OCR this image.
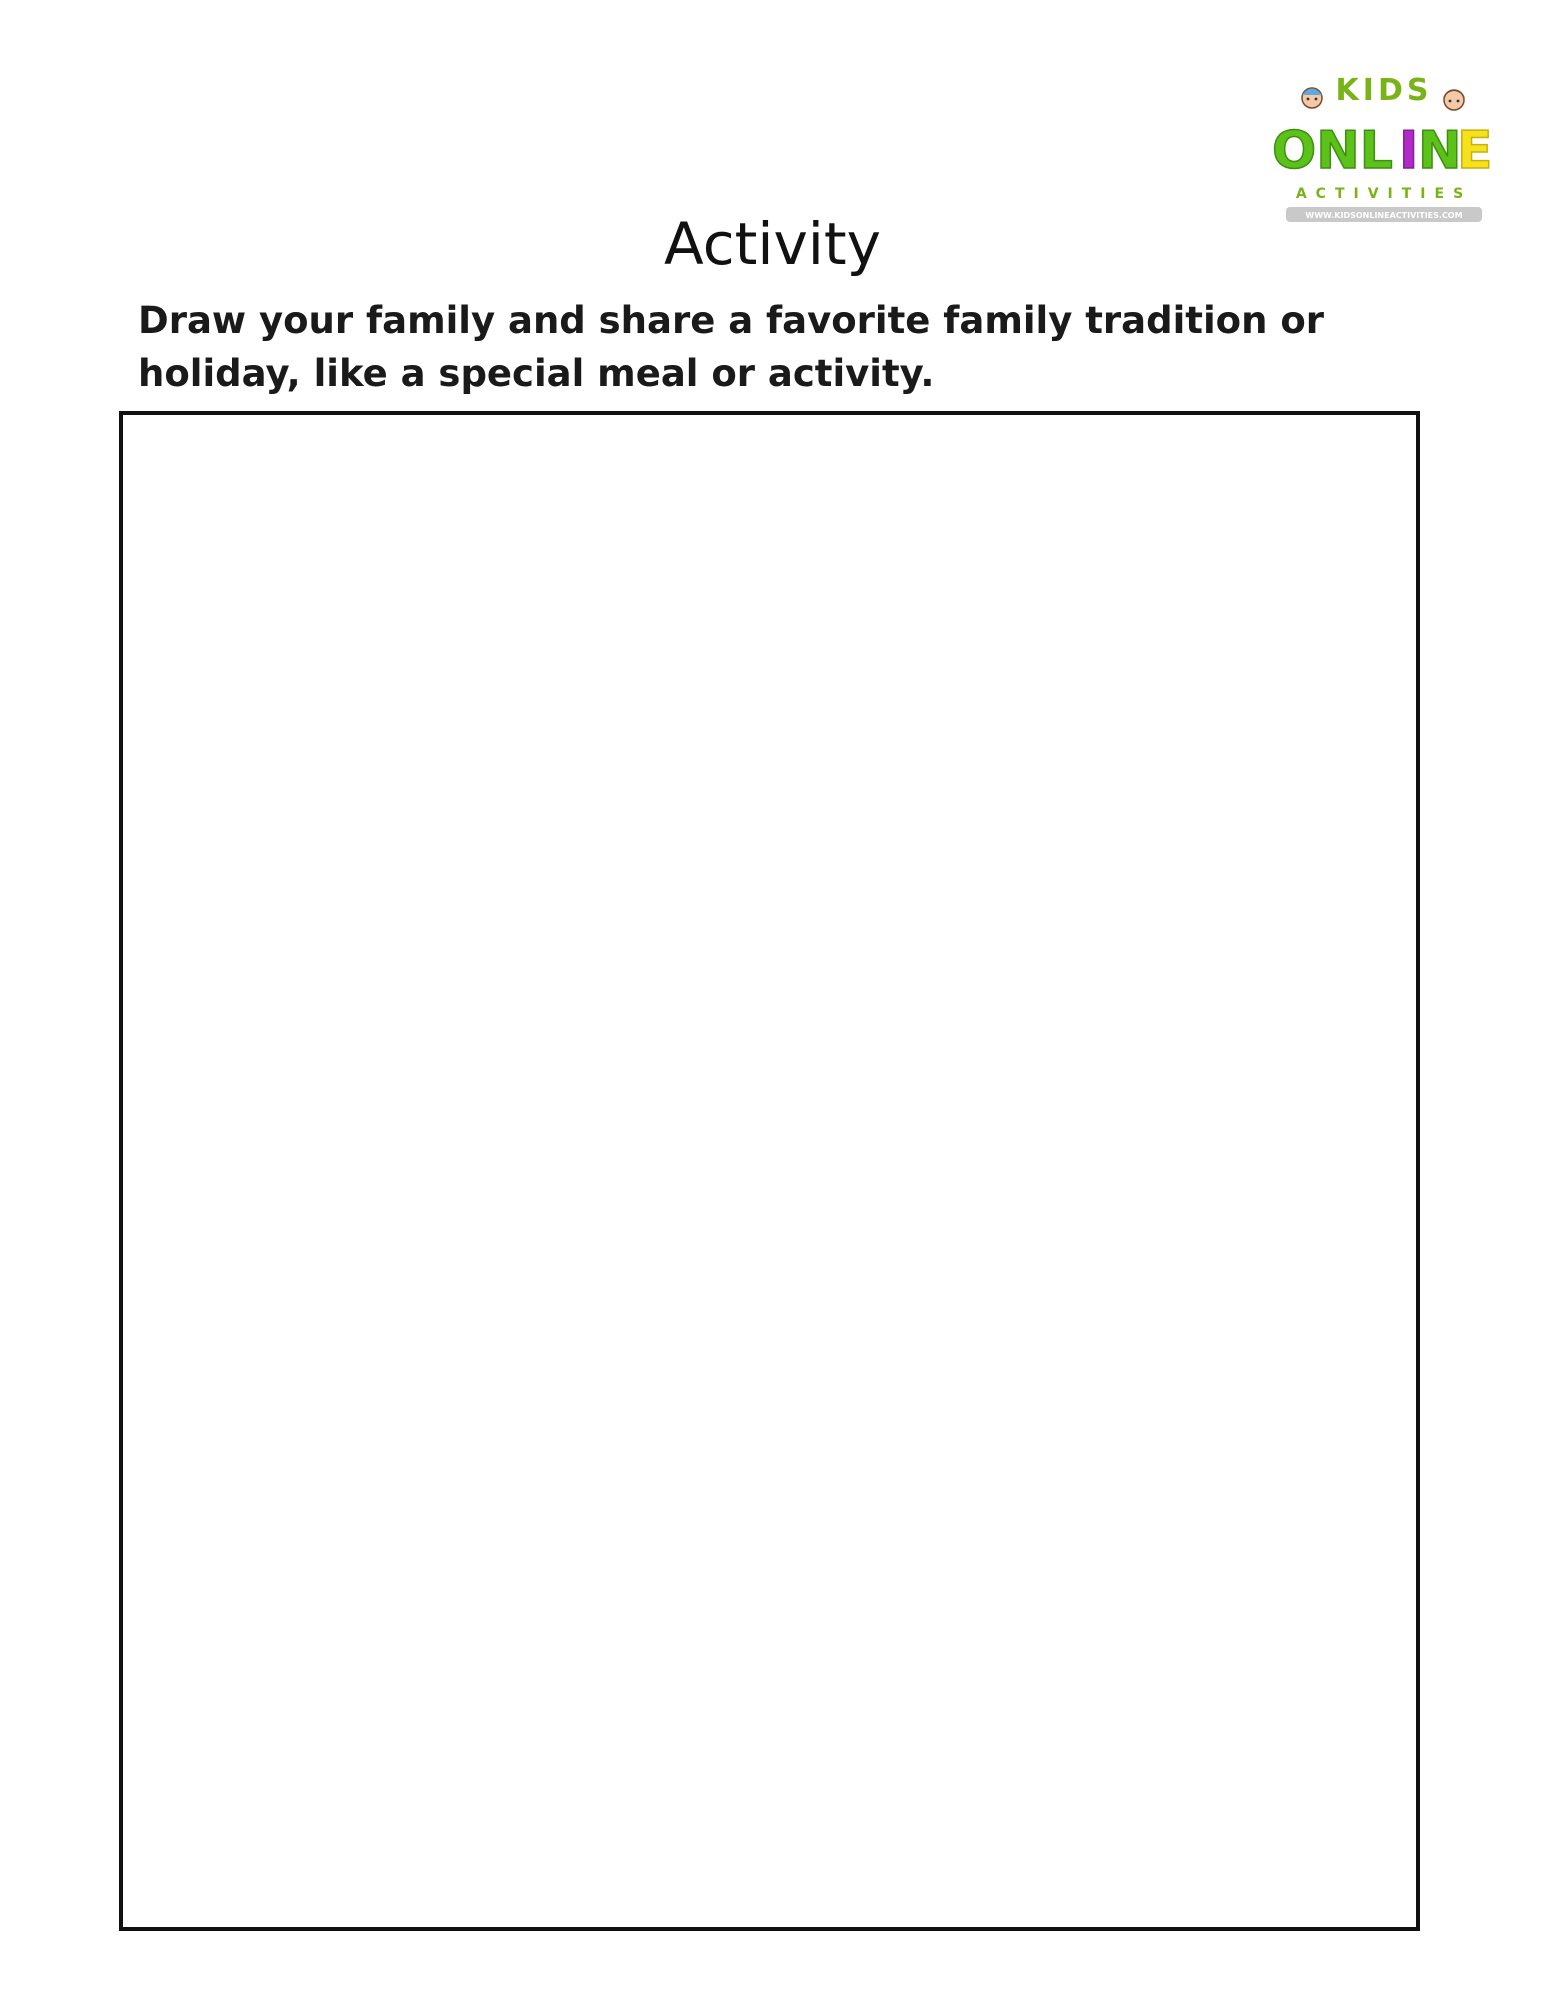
KIDS
ONL I N
E
ACTIVITIES
WWW.KIDSONLINEACTIVITIES.COM
Activity

Draw your family and share a favorite family tradition or holiday, like a special meal or activity.
